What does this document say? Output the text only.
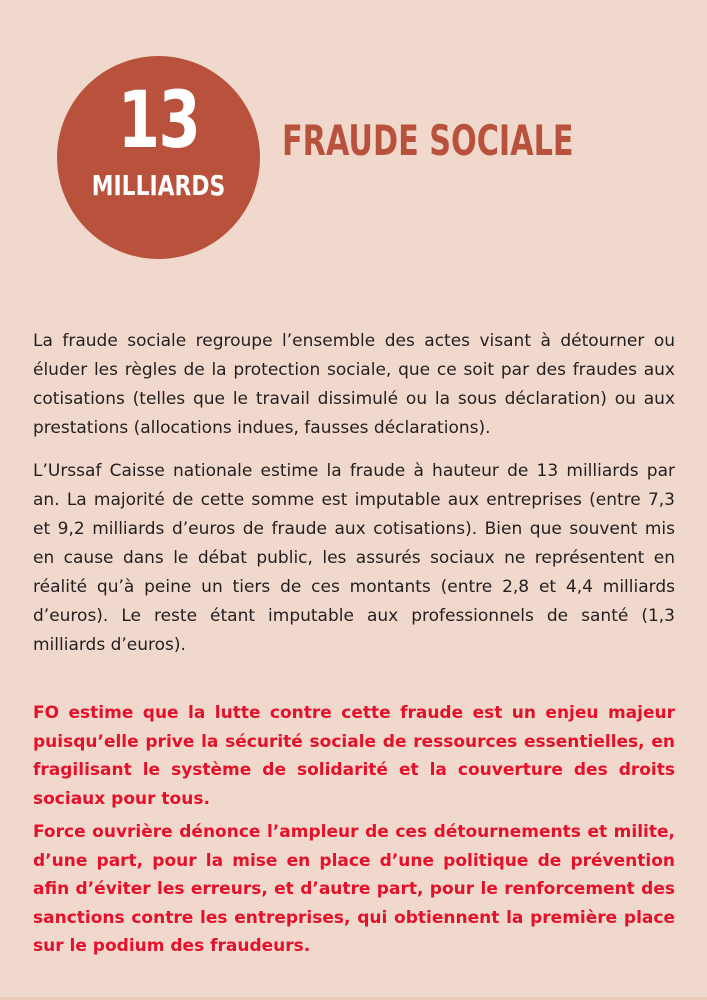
13
MILLIARDS
FRAUDE SOCIALE

La fraude sociale regroupe l’ensemble des actes visant à détourner ou éluder les règles de la protection sociale, que ce soit par des fraudes aux cotisations (telles que le travail dissimulé ou la sous déclaration) ou aux prestations (allocations indues, fausses déclarations).

L’Urssaf Caisse nationale estime la fraude à hauteur de 13 milliards par an. La majorité de cette somme est imputable aux entreprises (entre 7,3 et 9,2 milliards d’euros de fraude aux cotisations). Bien que souvent mis en cause dans le débat public, les assurés sociaux ne représentent en réalité qu’à peine un tiers de ces montants (entre 2,8 et 4,4 milliards d’euros). Le reste étant imputable aux professionnels de santé (1,3 milliards d’euros).

FO estime que la lutte contre cette fraude est un enjeu majeur puisqu’elle prive la sécurité sociale de ressources essentielles, en fragilisant le système de solidarité et la couverture des droits sociaux pour tous.

Force ouvrière dénonce l’ampleur de ces détournements et milite, d’une part, pour la mise en place d’une politique de prévention afin d’éviter les erreurs, et d’autre part, pour le renforcement des sanctions contre les entreprises, qui obtiennent la première place sur le podium des fraudeurs.
